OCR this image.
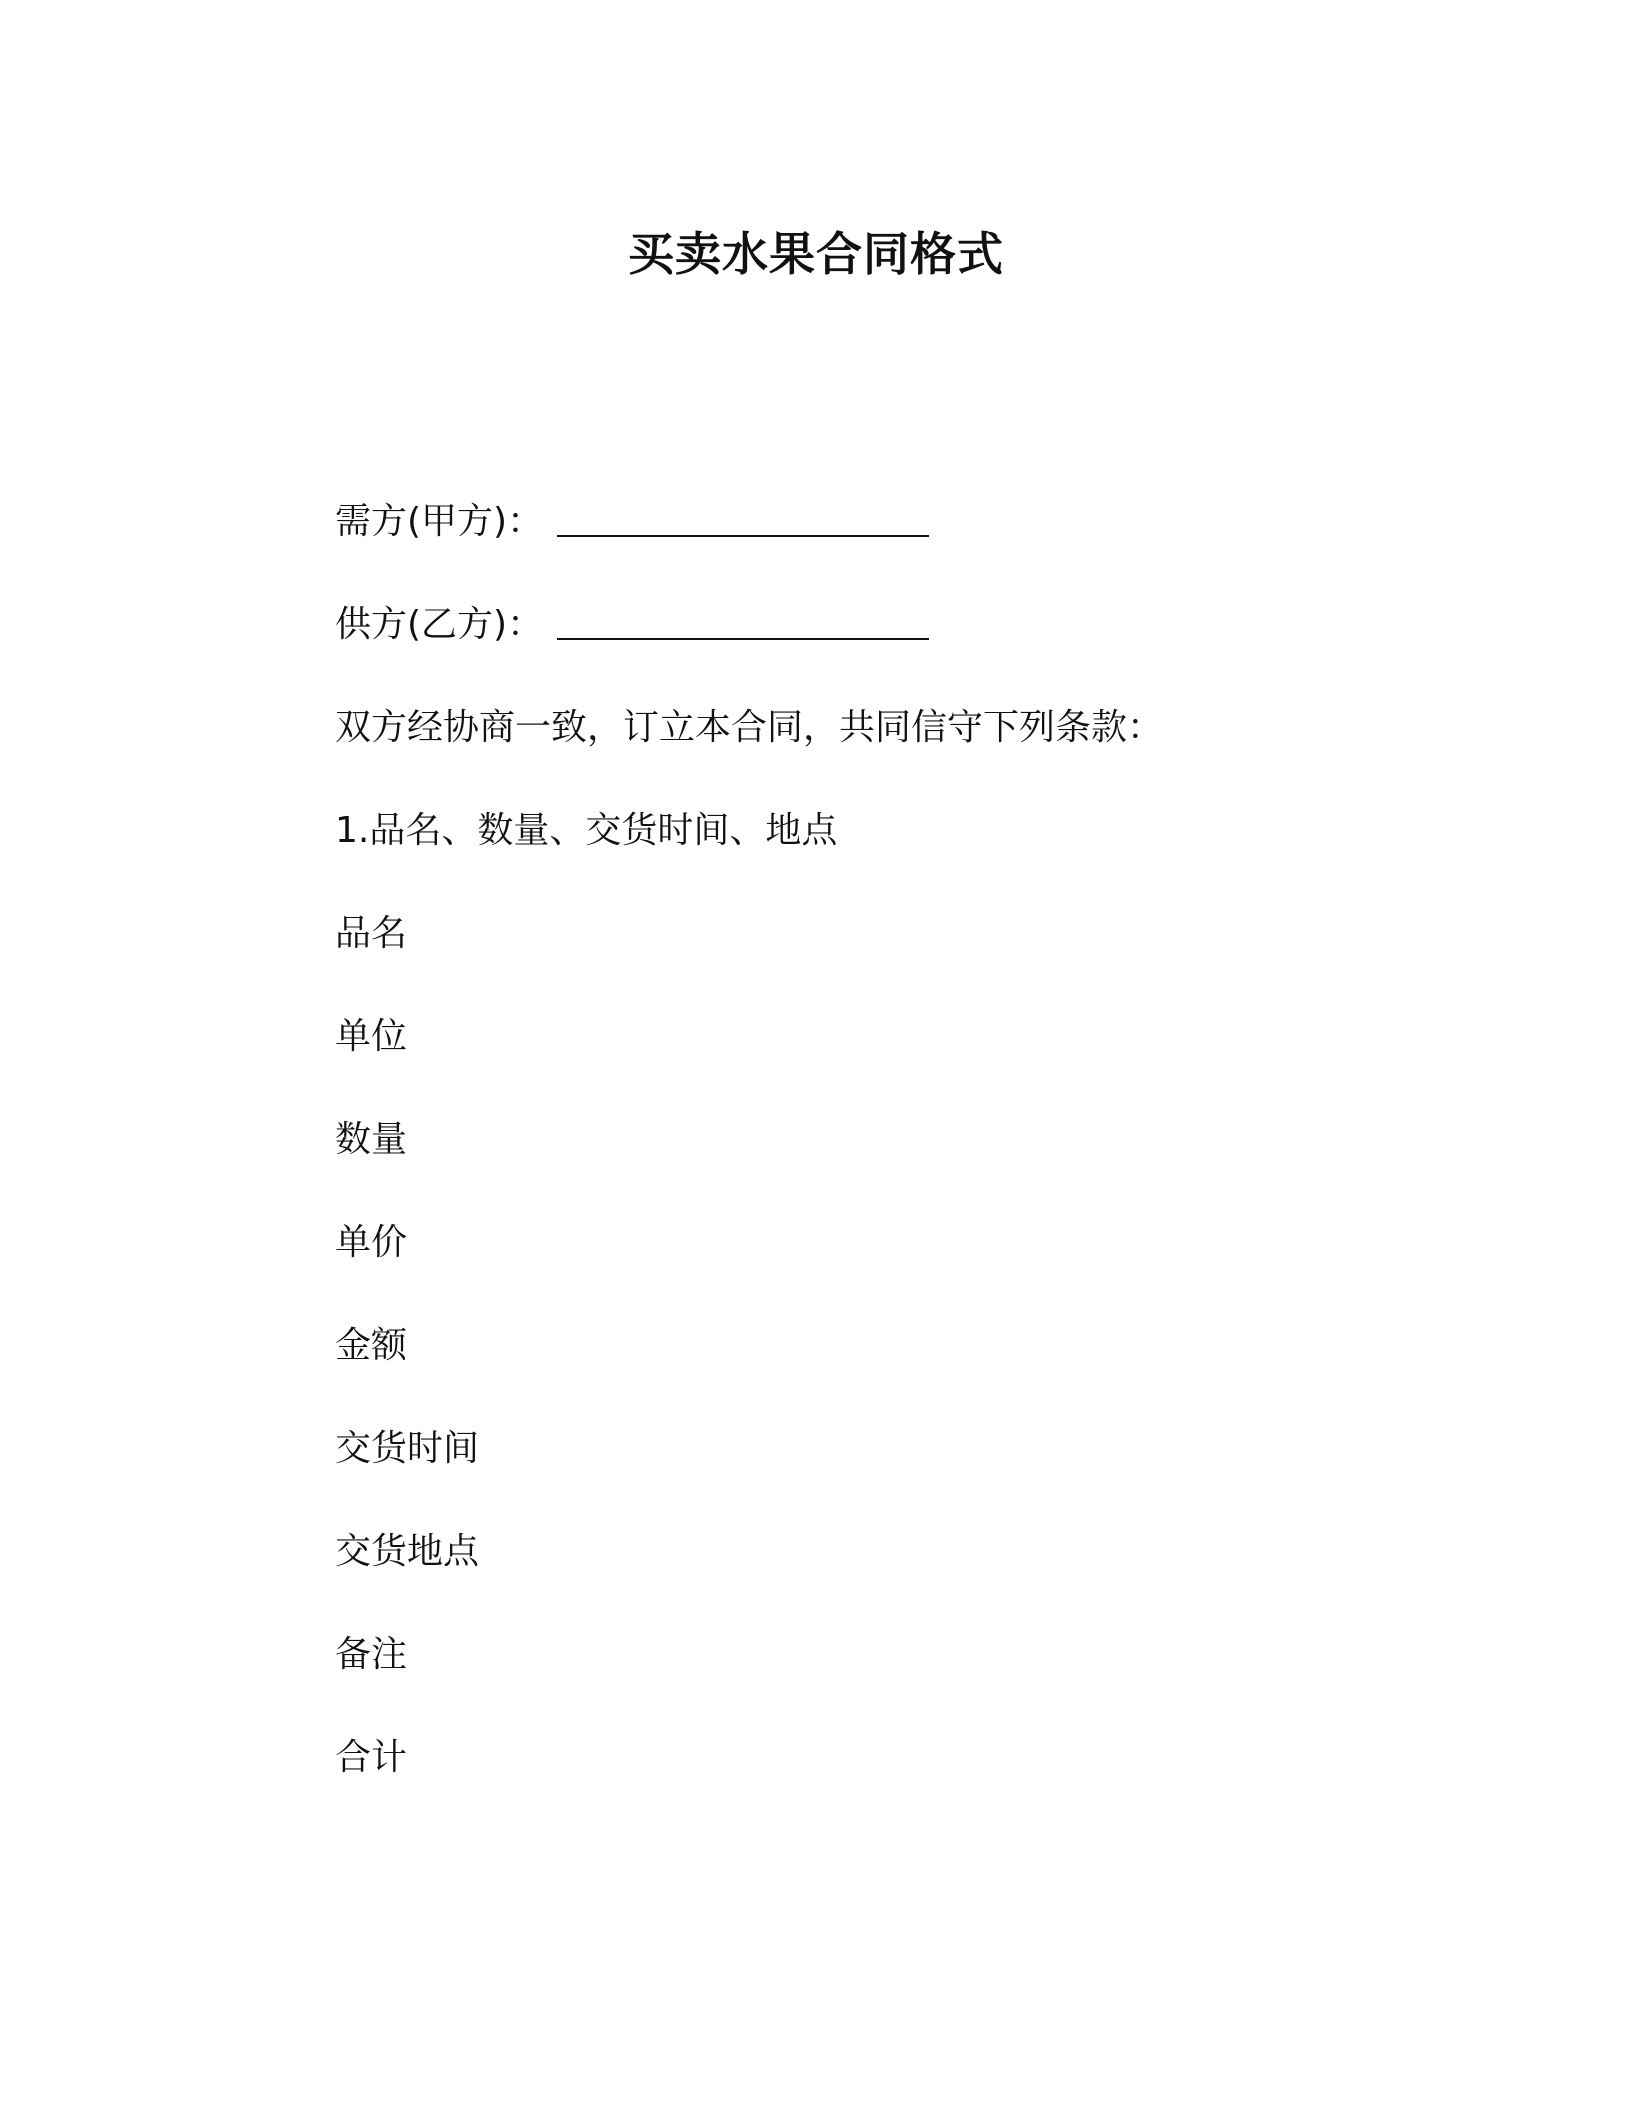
买卖水果合同格式
需方(甲方)：
供方(乙方)：
双方经协商一致，订立本合同，共同信守下列条款：
1.品名、数量、交货时间、地点
品名
单位
数量
单价
金额
交货时间
交货地点
备注
合计
